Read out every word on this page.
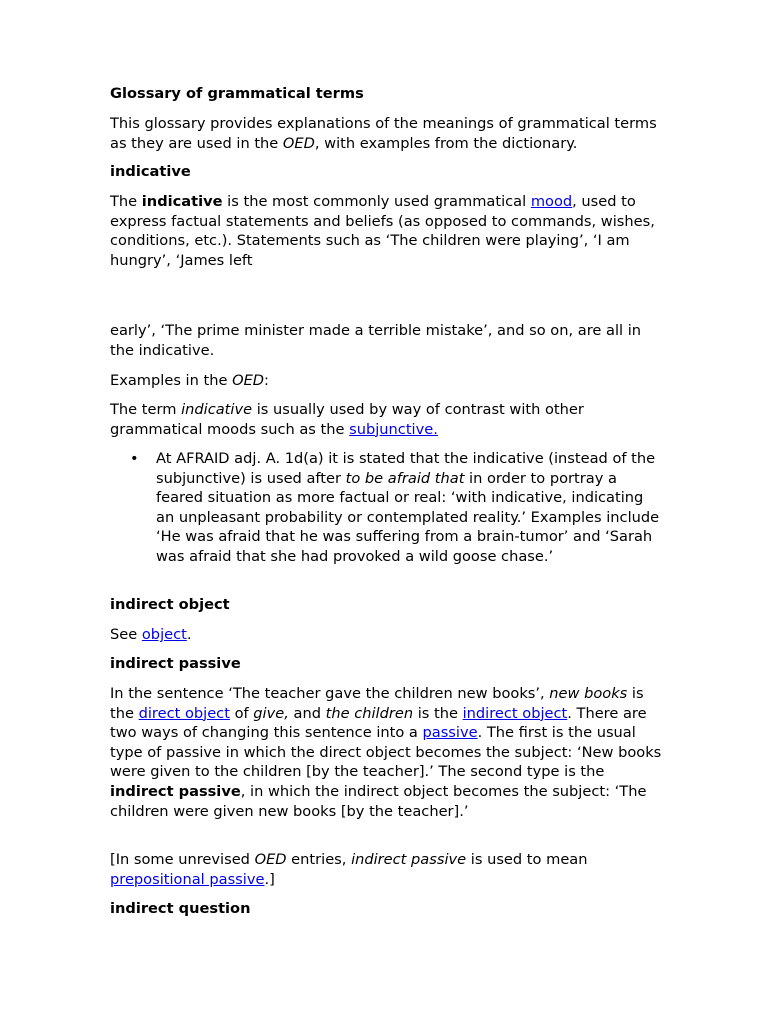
Glossary of grammatical terms

This glossary provides explanations of the meanings of grammatical terms as they are used in the OED, with examples from the dictionary.

indicative

The indicative is the most commonly used grammatical mood, used to express factual statements and beliefs (as opposed to commands, wishes, conditions, etc.). Statements such as ‘The children were playing’, ‘I am hungry’, ‘James left

early’, ‘The prime minister made a terrible mistake’, and so on, are all in the indicative.

Examples in the OED:

The term indicative is usually used by way of contrast with other grammatical moods such as the subjunctive.

• At AFRAID adj. A. 1d(a) it is stated that the indicative (instead of the subjunctive) is used after to be afraid that in order to portray a feared situation as more factual or real: ‘with indicative, indicating an unpleasant probability or contemplated reality.’ Examples include ‘He was afraid that he was suffering from a brain-tumor’ and ‘Sarah was afraid that she had provoked a wild goose chase.’
indirect object

See object.

indirect passive

In the sentence ‘The teacher gave the children new books’, new books is the direct object of give, and the children is the indirect object. There are two ways of changing this sentence into a passive. The first is the usual type of passive in which the direct object becomes the subject: ‘New books were given to the children [by the teacher].’ The second type is the indirect passive, in which the indirect object becomes the subject: ‘The children were given new books [by the teacher].’

[In some unrevised OED entries, indirect passive is used to mean prepositional passive.]

indirect question
